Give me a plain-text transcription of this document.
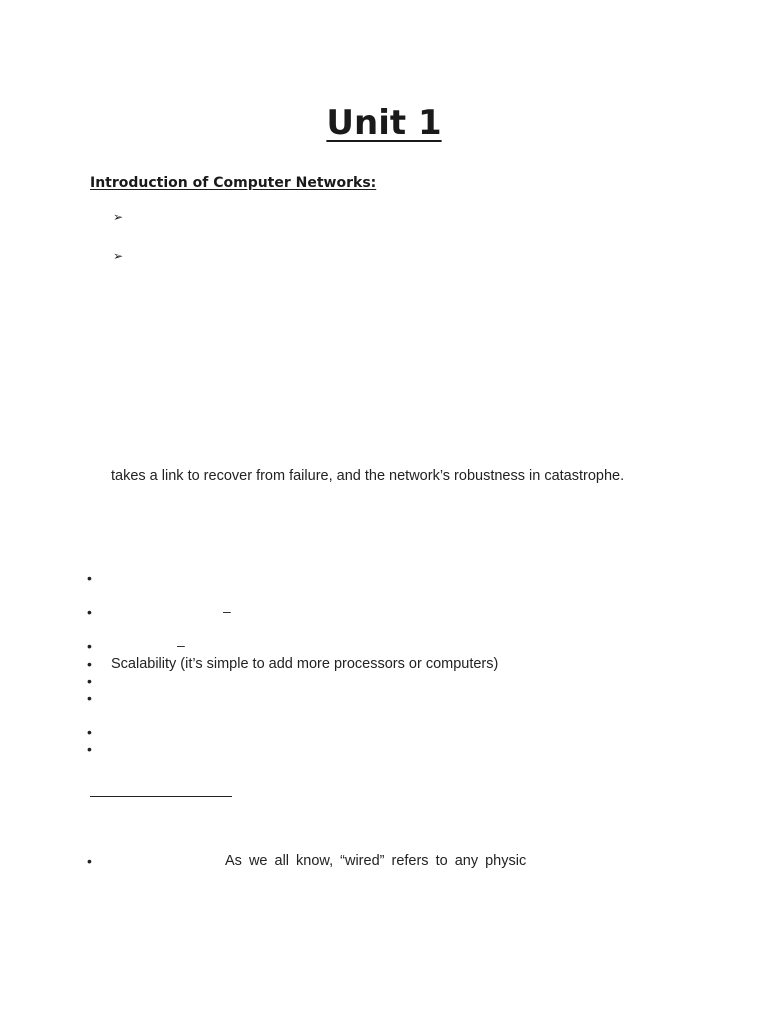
Unit 1
Introduction of Computer Networks:
➢
➢
takes a link to recover from failure, and the network’s robustness in catastrophe.
•
•	–
•	–
• Scalability (it’s simple to add more processors or computers)
•
•
•
•
•	As we all know, “wired” refers to any physic
